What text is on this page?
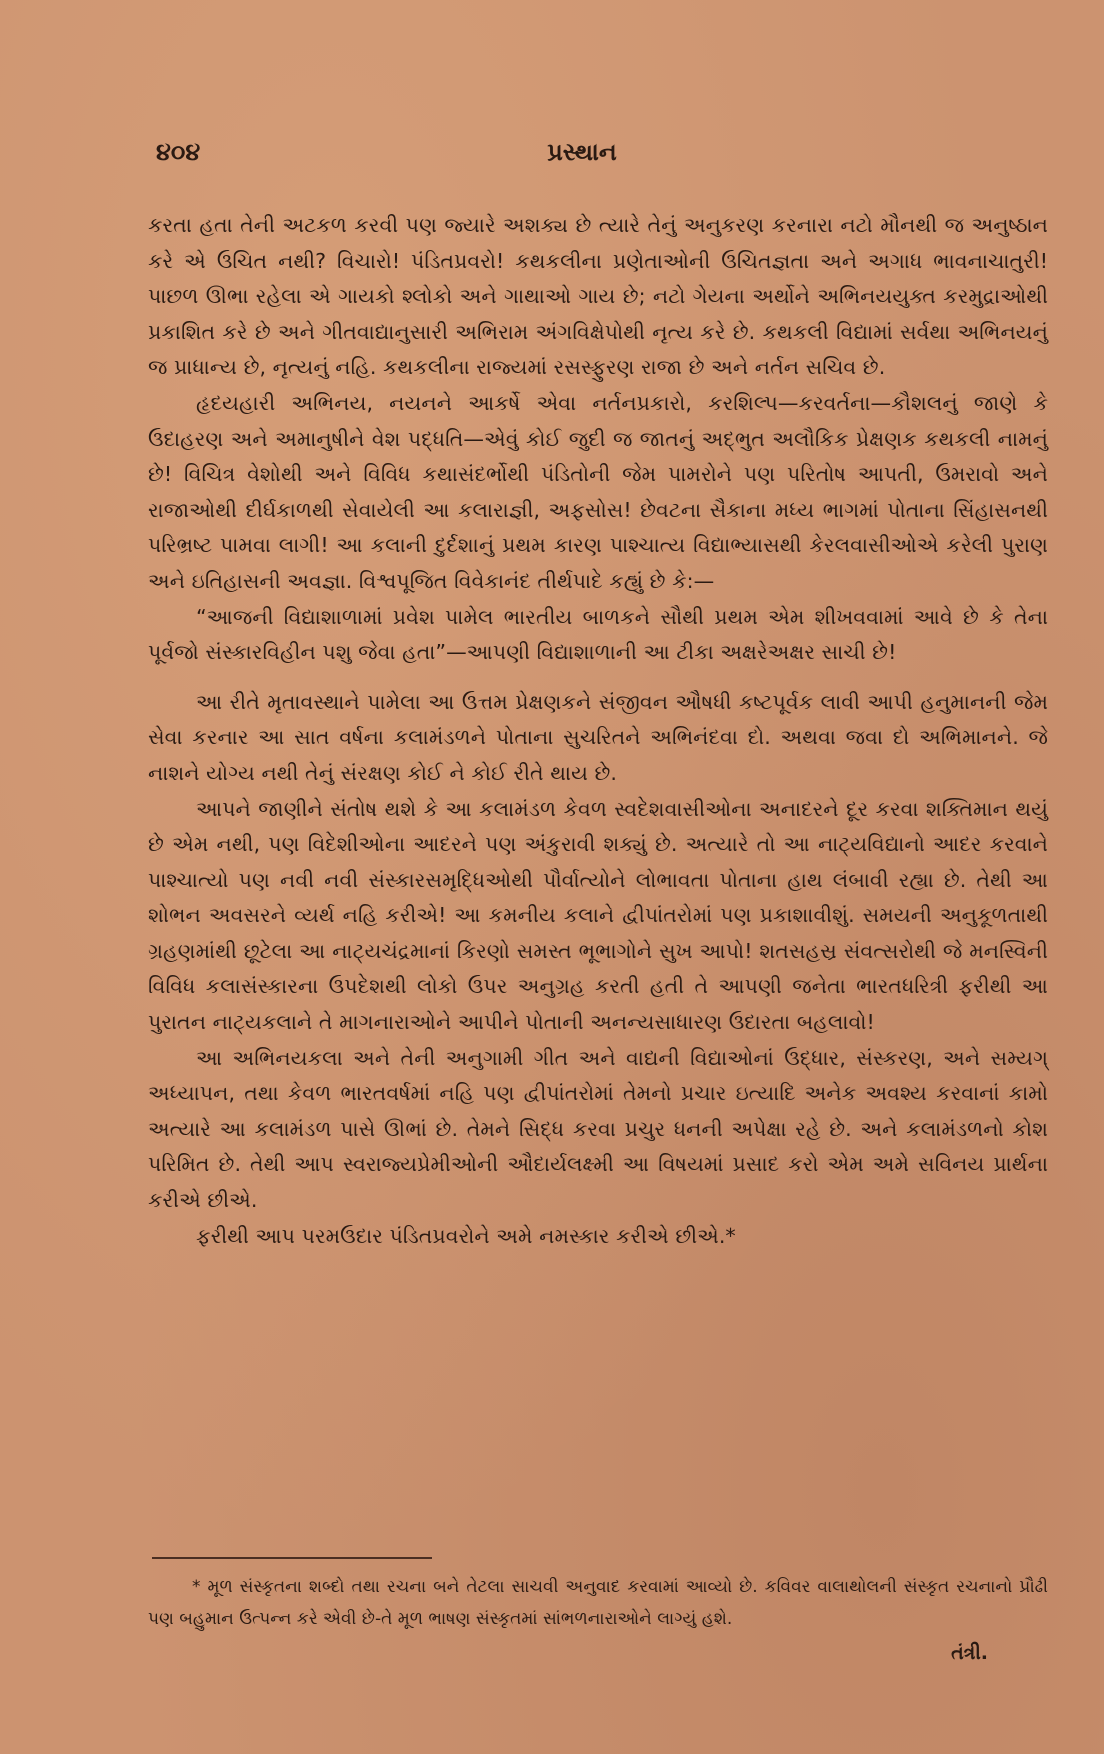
૪૦૪	પ્રસ્થાન

કરતા હતા તેની અટકળ કરવી પણ જ્યારે અશક્ય છે ત્યારે તેનું અનુકરણ કરનારા નટો મૌનથી જ અનુષ્ઠાન કરે એ ઉચિત નથી? વિચારો! પંડિતપ્રવરો! કથકલીના પ્રણેતાઓની ઉચિતજ્ઞતા અને અગાધ ભાવનાચાતુરી! પાછળ ઊભા રહેલા એ ગાયકો શ્લોકો અને ગાથાઓ ગાય છે; નટો ગેયના અર્થોને અભિનયયુક્ત કરમુદ્રાઓથી પ્રકાશિત કરે છે અને ગીતવાદ્યાનુસારી અભિરામ અંગવિક્ષેપોથી નૃત્ય કરે છે. કથકલી વિદ્યામાં સર્વથા અભિનયનું જ પ્રાધાન્ય છે, નૃત્યનું નહિ. કથકલીના રાજ્યમાં રસસ્ફુરણ રાજા છે અને નર્તન સચિવ છે.

હૃદયહારી અભિનય, નયનને આકર્ષે એવા નર્તનપ્રકારો, કરશિલ્પ—કરવર્તના—કૌશલનું જાણે કે ઉદાહરણ અને અમાનુષીને વેશ પદ્ધતિ—એવું કોઈ જુદી જ જાતનું અદ્ભુત અલૌકિક પ્રેક્ષણક કથકલી નામનું છે! વિચિત્ર વેશોથી અને વિવિધ કથાસંદર્ભોથી પંડિતોની જેમ પામરોને પણ પરિતોષ આપતી, ઉમરાવો અને રાજાઓથી દીર્ઘકાળથી સેવાયેલી આ કલારાજ્ઞી, અફસોસ! છેવટના સૈકાના મધ્ય ભાગમાં પોતાના સિંહાસનથી પરિભ્રષ્ટ પામવા લાગી! આ કલાની દુર્દશાનું પ્રથમ કારણ પાશ્ચાત્ય વિદ્યાભ્યાસથી કેરલવાસીઓએ કરેલી પુરાણ અને ઇતિહાસની અવજ્ઞા. વિશ્વપૂજિત વિવેકાનંદ તીર્થપાદે કહ્યું છે કે:—

“આજની વિદ્યાશાળામાં પ્રવેશ પામેલ ભારતીય બાળકને સૌથી પ્રથમ એમ શીખવવામાં આવે છે કે તેના પૂર્વજો સંસ્કારવિહીન પશુ જેવા હતા”—આપણી વિદ્યાશાળાની આ ટીકા અક્ષરેઅક્ષર સાચી છે!

આ રીતે મૃતાવસ્થાને પામેલા આ ઉત્તમ પ્રેક્ષણકને સંજીવન ઔષધી કષ્ટપૂર્વક લાવી આપી હનુમાનની જેમ સેવા કરનાર આ સાત વર્ષના કલામંડળને પોતાના સુચરિતને અભિનંદવા દો. અથવા જવા દો અભિમાનને. જે નાશને યોગ્ય નથી તેનું સંરક્ષણ કોઈ ને કોઈ રીતે થાય છે.

આપને જાણીને સંતોષ થશે કે આ કલામંડળ કેવળ સ્વદેશવાસીઓના અનાદરને દૂર કરવા શક્તિમાન થયું છે એમ નથી, પણ વિદેશીઓના આદરને પણ અંકુરાવી શક્યું છે. અત્યારે તો આ નાટ્યવિદ્યાનો આદર કરવાને પાશ્ચાત્યો પણ નવી નવી સંસ્કારસમૃદ્ધિઓથી પૌર્વાત્યોને લોભાવતા પોતાના હાથ લંબાવી રહ્યા છે. તેથી આ શોભન અવસરને વ્યર્થ નહિ કરીએ! આ કમનીય કલાને દ્વીપાંતરોમાં પણ પ્રકાશાવીશું. સમયની અનુકૂળતાથી ગ્રહણમાંથી છૂટેલા આ નાટ્યચંદ્રમાનાં કિરણો સમસ્ત ભૂભાગોને સુખ આપો! શતસહસ્ર સંવત્સરોથી જે મનસ્વિની વિવિધ કલાસંસ્કારના ઉપદેશથી લોકો ઉપર અનુગ્રહ કરતી હતી તે આપણી જનેતા ભારતધરિત્રી ફરીથી આ પુરાતન નાટ્યકલાને તે માગનારાઓને આપીને પોતાની અનન્યસાધારણ ઉદારતા બહલાવો!

આ અભિનયકલા અને તેની અનુગામી ગીત અને વાદ્યની વિદ્યાઓનાં ઉદ્ધાર, સંસ્કરણ, અને સમ્યગ્ અધ્યાપન, તથા કેવળ ભારતવર્ષમાં નહિ પણ દ્વીપાંતરોમાં તેમનો પ્રચાર ઇત્યાદિ અનેક અવશ્ય કરવાનાં કામો અત્યારે આ કલામંડળ પાસે ઊભાં છે. તેમને સિદ્ધ કરવા પ્રચુર ધનની અપેક્ષા રહે છે. અને કલામંડળનો કોશ પરિમિત છે. તેથી આપ સ્વરાજ્યપ્રેમીઓની ઔદાર્યલક્ષ્મી આ વિષયમાં પ્રસાદ કરો એમ અમે સવિનય પ્રાર્થના કરીએ છીએ.

ફરીથી આપ પરમઉદાર પંડિતપ્રવરોને અમે નમસ્કાર કરીએ છીએ.*

* મૂળ સંસ્કૃતના શબ્દો તથા રચના બને તેટલા સાચવી અનુવાદ કરવામાં આવ્યો છે. કવિવર વાલાથોલની સંસ્કૃત રચનાનો પ્રૌઢી પણ બહુમાન ઉત્પન્ન કરે એવી છે-તે મૂળ ભાષણ સંસ્કૃતમાં સાંભળનારાઓને લાગ્યું હશે.

તંત્રી.
